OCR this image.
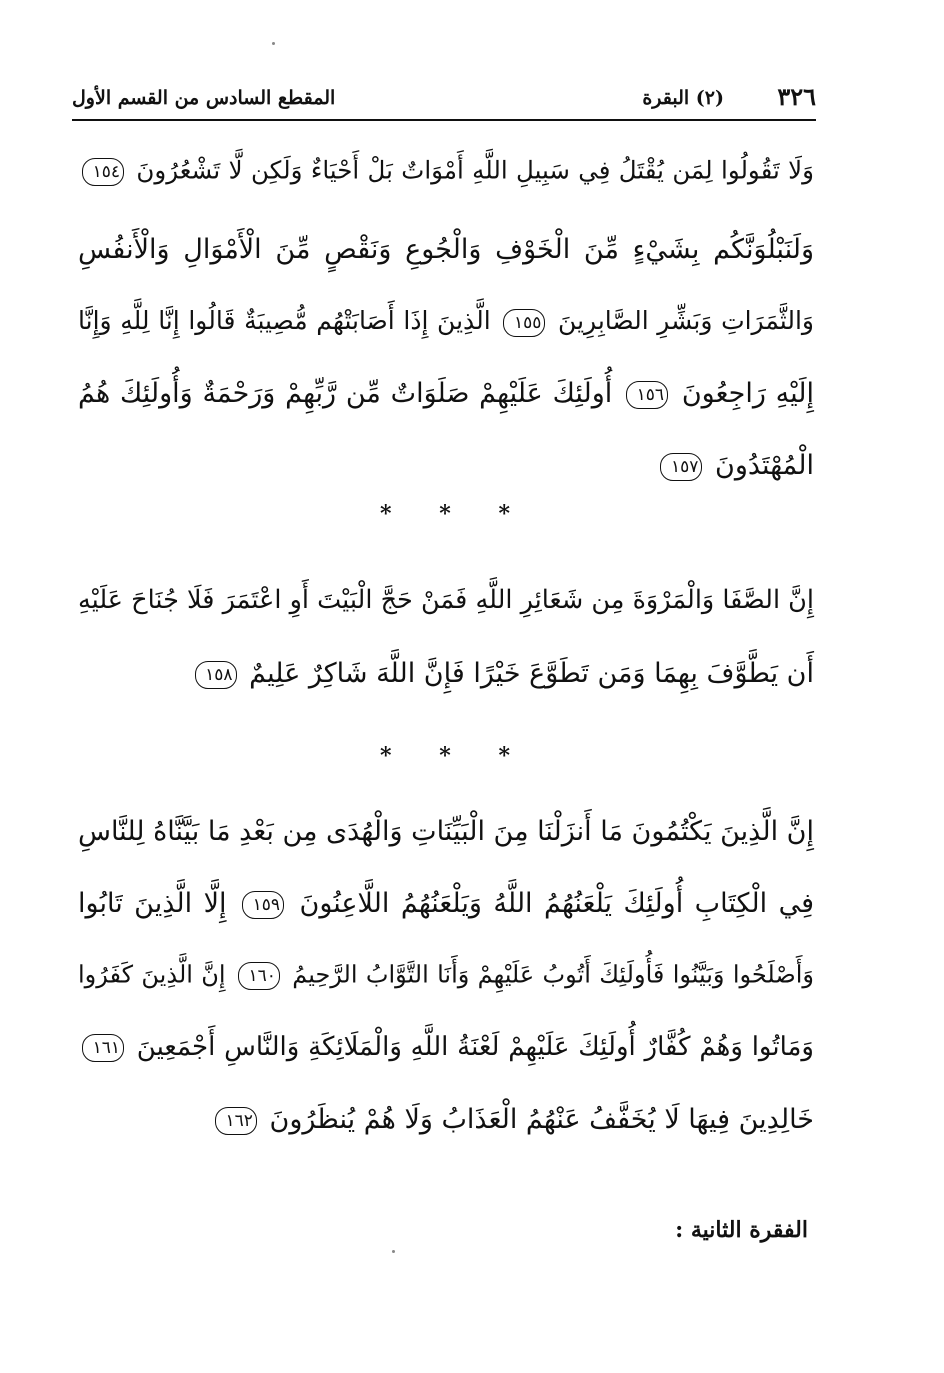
٣٢٦
(٢) البقرة
المقطع السادس من القسم الأول
وَلَا تَقُولُوا لِمَن يُقْتَلُ فِي سَبِيلِ اللَّهِ أَمْوَاتٌ بَلْ أَحْيَاءٌ وَلَكِن لَّا تَشْعُرُونَ ١٥٤
وَلَنَبْلُوَنَّكُم بِشَيْءٍ مِّنَ الْخَوْفِ وَالْجُوعِ وَنَقْصٍ مِّنَ الْأَمْوَالِ وَالْأَنفُسِ
وَالثَّمَرَاتِ وَبَشِّرِ الصَّابِرِينَ ١٥٥ الَّذِينَ إِذَا أَصَابَتْهُم مُّصِيبَةٌ قَالُوا إِنَّا لِلَّهِ وَإِنَّا
إِلَيْهِ رَاجِعُونَ ١٥٦ أُولَئِكَ عَلَيْهِمْ صَلَوَاتٌ مِّن رَّبِّهِمْ وَرَحْمَةٌ وَأُولَئِكَ هُمُ
الْمُهْتَدُونَ ١٥٧
* * *
إِنَّ الصَّفَا وَالْمَرْوَةَ مِن شَعَائِرِ اللَّهِ فَمَنْ حَجَّ الْبَيْتَ أَوِ اعْتَمَرَ فَلَا جُنَاحَ عَلَيْهِ
أَن يَطَّوَّفَ بِهِمَا وَمَن تَطَوَّعَ خَيْرًا فَإِنَّ اللَّهَ شَاكِرٌ عَلِيمٌ ١٥٨
* * *
إِنَّ الَّذِينَ يَكْتُمُونَ مَا أَنزَلْنَا مِنَ الْبَيِّنَاتِ وَالْهُدَى مِن بَعْدِ مَا بَيَّنَّاهُ لِلنَّاسِ
فِي الْكِتَابِ أُولَئِكَ يَلْعَنُهُمُ اللَّهُ وَيَلْعَنُهُمُ اللَّاعِنُونَ ١٥٩ إِلَّا الَّذِينَ تَابُوا
وَأَصْلَحُوا وَبَيَّنُوا فَأُولَئِكَ أَتُوبُ عَلَيْهِمْ وَأَنَا التَّوَّابُ الرَّحِيمُ ١٦٠ إِنَّ الَّذِينَ كَفَرُوا
وَمَاتُوا وَهُمْ كُفَّارٌ أُولَئِكَ عَلَيْهِمْ لَعْنَةُ اللَّهِ وَالْمَلَائِكَةِ وَالنَّاسِ أَجْمَعِينَ ١٦١
خَالِدِينَ فِيهَا لَا يُخَفَّفُ عَنْهُمُ الْعَذَابُ وَلَا هُمْ يُنظَرُونَ ١٦٢
الفقرة الثانية :
